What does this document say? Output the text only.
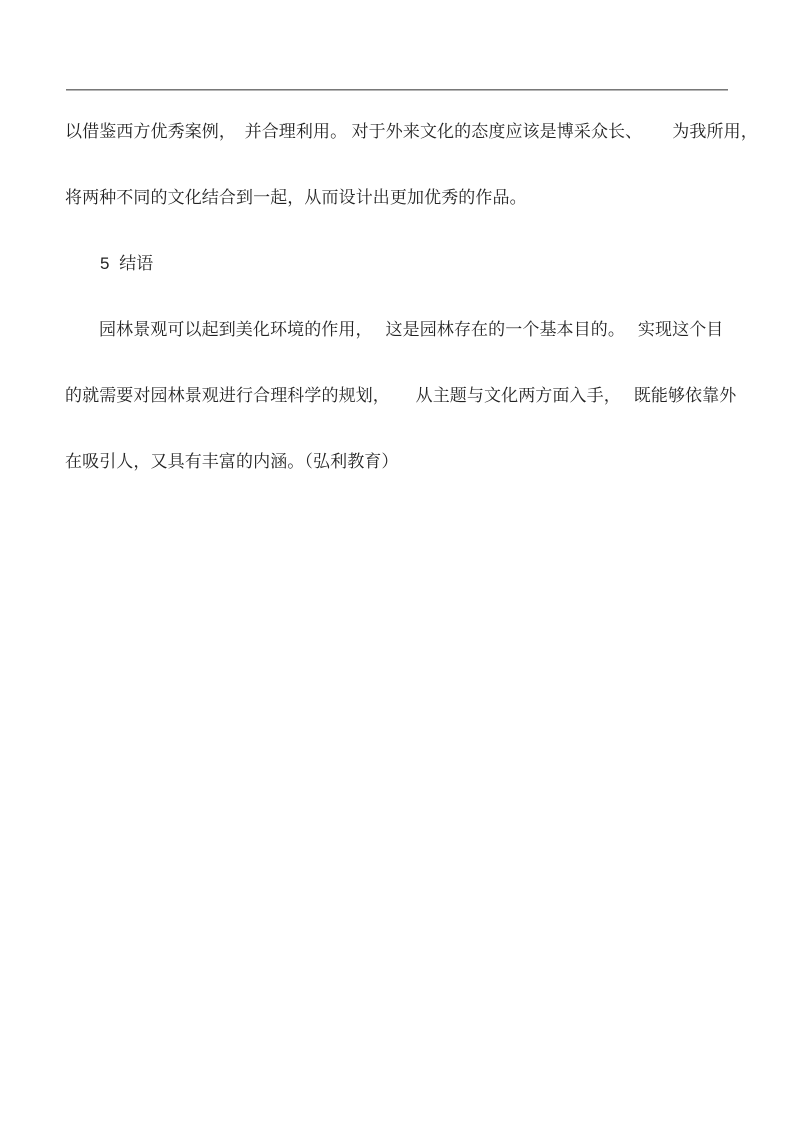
以借鉴西方优秀案例，　并合理利用。 对于外来文化的态度应该是博采众长、　　 为我所用，
将两种不同的文化结合到一起，从而设计出更加优秀的作品。
5  结语
园林景观可以起到美化环境的作用，　 这是园林存在的一个基本目的。　 实现这个目
的就需要对园林景观进行合理科学的规划，　　从主题与文化两方面入手，　 既能够依靠外
在吸引人，又具有丰富的内涵。（弘利教育）
